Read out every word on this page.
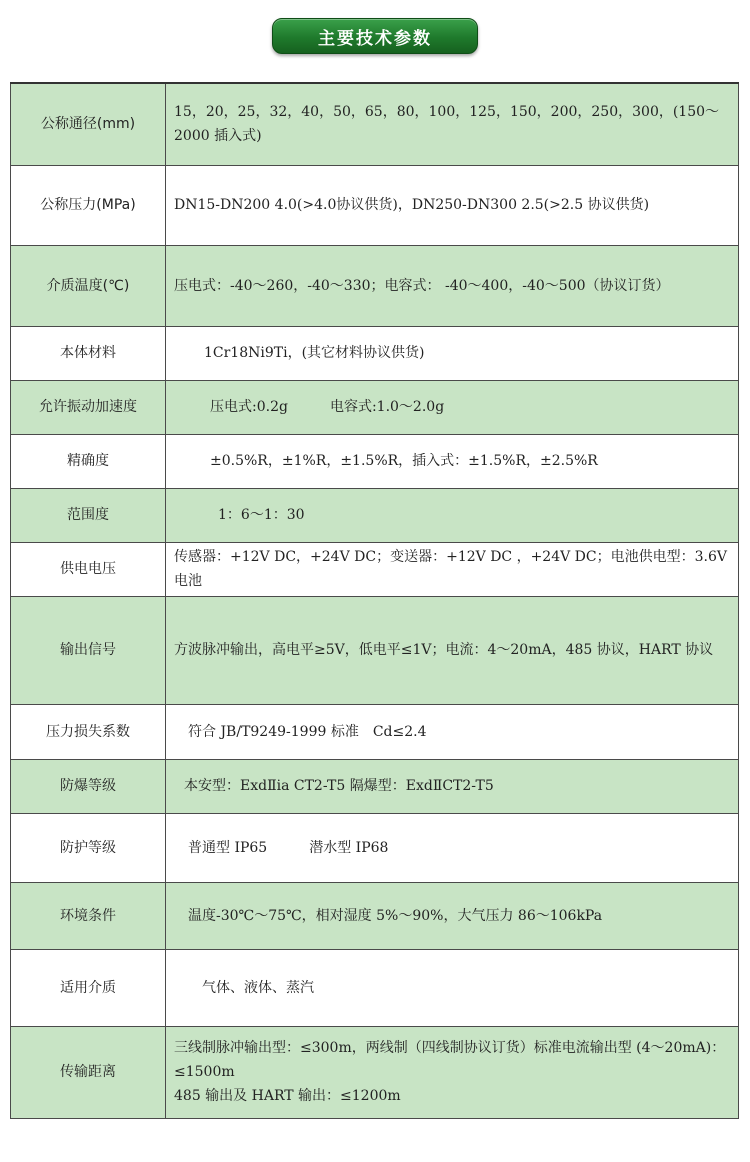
主要技术参数
公称通径(mm)	15，20，25，32，40，50，65，80，100，125，150，200，250，300，(150～2000 插入式)
公称压力(MPa)	DN15-DN200 4.0(>4.0协议供货)，DN250-DN300 2.5(>2.5 协议供货)
介质温度(℃)	压电式：-40～260，-40～330；电容式： -40～400，-40～500（协议订货）
本体材料	1Cr18Ni9Ti，(其它材料协议供货)
允许振动加速度	压电式:0.2g　　　电容式:1.0～2.0g
精确度	±0.5%R，±1%R，±1.5%R，插入式：±1.5%R，±2.5%R
范围度	1：6～1：30
供电电压	传感器：+12V DC，+24V DC；变送器：+12V DC ，+24V DC；电池供电型：3.6V 电池
输出信号	方波脉冲输出，高电平≥5V，低电平≤1V；电流：4～20mA，485 协议，HART 协议
压力损失系数	符合 JB/T9249-1999 标准　Cd≤2.4
防爆等级	本安型：ExdⅡia CT2-T5 隔爆型：ExdⅡCT2-T5
防护等级	普通型 IP65　　　潜水型 IP68
环境条件	温度-30℃～75℃，相对湿度 5%～90%，大气压力 86～106kPa
适用介质	气体、液体、蒸汽
传输距离	三线制脉冲输出型：≤300m，两线制（四线制协议订货）标准电流输出型 (4～20mA)：≤1500m
485 输出及 HART 输出：≤1200m
